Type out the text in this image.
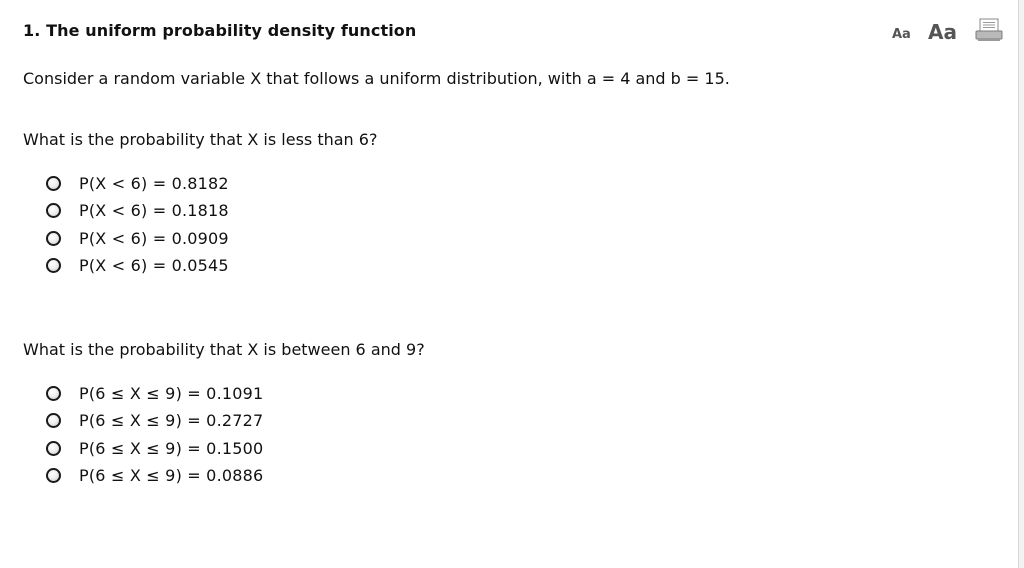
1. The uniform probability density function	Aa Aa
Consider a random variable X that follows a uniform distribution, with a = 4 and b = 15.
What is the probability that X is less than 6?
P(X < 6) = 0.8182
P(X < 6) = 0.1818
P(X < 6) = 0.0909
P(X < 6) = 0.0545
What is the probability that X is between 6 and 9?
P(6 ≤ X ≤ 9) = 0.1091
P(6 ≤ X ≤ 9) = 0.2727
P(6 ≤ X ≤ 9) = 0.1500
P(6 ≤ X ≤ 9) = 0.0886
